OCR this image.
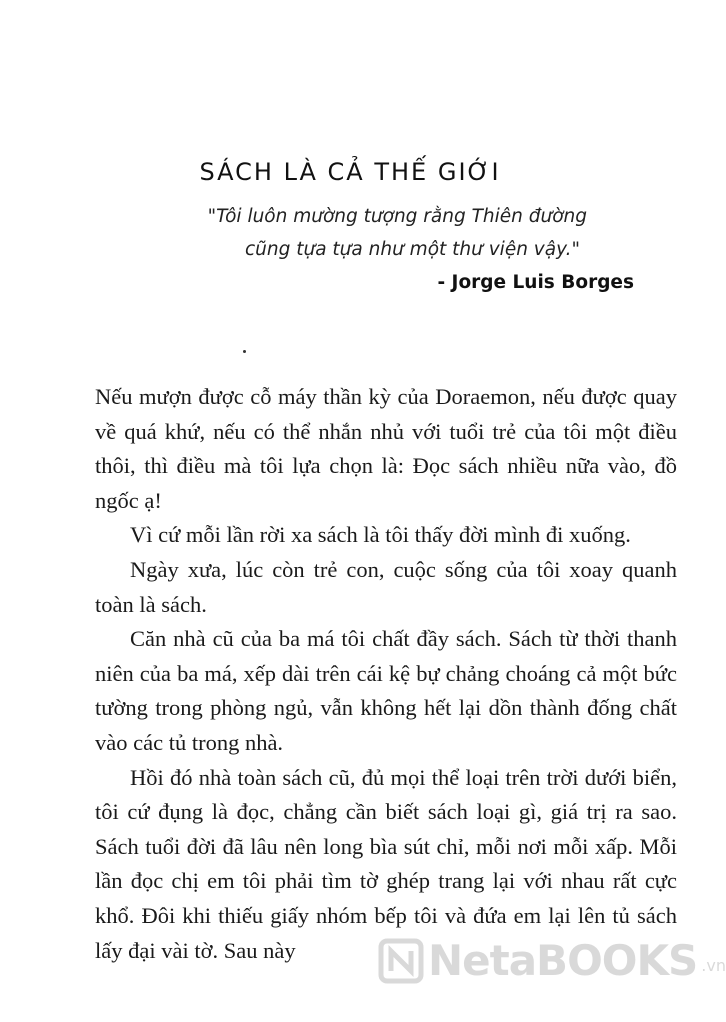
SÁCH LÀ CẢ THẾ GIỚI
"Tôi luôn mường tượng rằng Thiên đường
cũng tựa tựa như một thư viện vậy."
- Jorge Luis Borges

Nếu mượn được cỗ máy thần kỳ của Doraemon, nếu được quay về quá khứ, nếu có thể nhắn nhủ với tuổi trẻ của tôi một điều thôi, thì điều mà tôi lựa chọn là: Đọc sách nhiều nữa vào, đồ ngốc ạ!

Vì cứ mỗi lần rời xa sách là tôi thấy đời mình đi xuống.

Ngày xưa, lúc còn trẻ con, cuộc sống của tôi xoay quanh toàn là sách.

Căn nhà cũ của ba má tôi chất đầy sách. Sách từ thời thanh niên của ba má, xếp dài trên cái kệ bự chảng choáng cả một bức tường trong phòng ngủ, vẫn không hết lại dồn thành đống chất vào các tủ trong nhà.

Hồi đó nhà toàn sách cũ, đủ mọi thể loại trên trời dưới biển, tôi cứ đụng là đọc, chẳng cần biết sách loại gì, giá trị ra sao. Sách tuổi đời đã lâu nên long bìa sút chỉ, mỗi nơi mỗi xấp. Mỗi lần đọc chị em tôi phải tìm tờ ghép trang lại với nhau rất cực khổ. Đôi khi thiếu giấy nhóm bếp tôi và đứa em lại lên tủ sách lấy đại vài tờ. Sau này	NetaBOOKS .vn
